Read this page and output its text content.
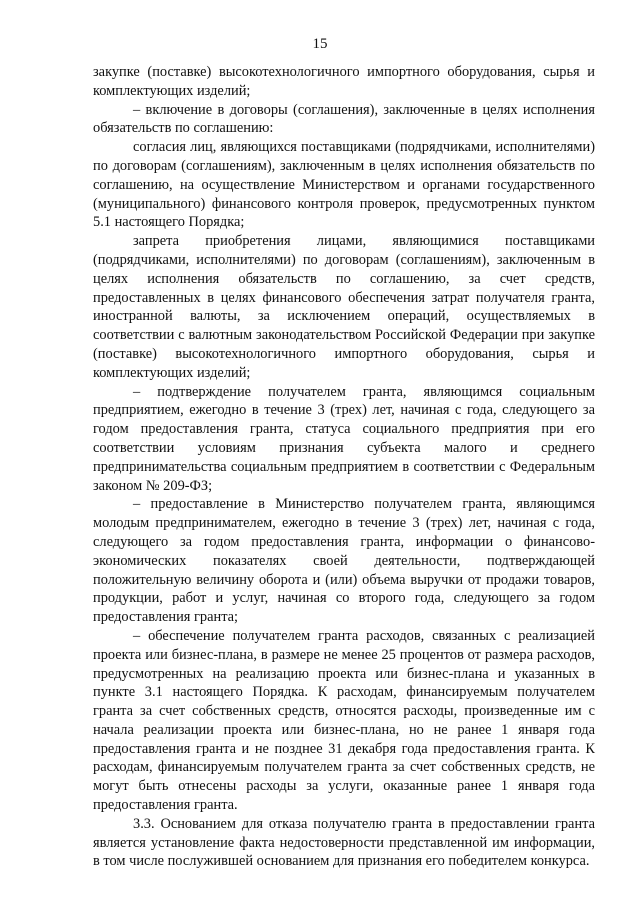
15

закупке (поставке) высокотехнологичного импортного оборудования, сырья и комплектующих изделий;

– включение в договоры (соглашения), заключенные в целях исполнения обязательств по соглашению:

согласия лиц, являющихся поставщиками (подрядчиками, исполнителями) по договорам (соглашениям), заключенным в целях исполнения обязательств по соглашению, на осуществление Министерством и органами государственного (муниципального) финансового контроля проверок, предусмотренных пунктом 5.1 настоящего Порядка;

запрета приобретения лицами, являющимися поставщиками (подрядчиками, исполнителями) по договорам (соглашениям), заключенным в целях исполнения обязательств по соглашению, за счет средств, предоставленных в целях финансового обеспечения затрат получателя гранта, иностранной валюты, за исключением операций, осуществляемых в соответствии с валютным законодательством Российской Федерации при закупке (поставке) высокотехнологичного импортного оборудования, сырья и комплектующих изделий;

– подтверждение получателем гранта, являющимся социальным предприятием, ежегодно в течение 3 (трех) лет, начиная с года, следующего за годом предоставления гранта, статуса социального предприятия при его соответствии условиям признания субъекта малого и среднего предпринимательства социальным предприятием в соответствии с Федеральным законом № 209-ФЗ;

– предоставление в Министерство получателем гранта, являющимся молодым предпринимателем, ежегодно в течение 3 (трех) лет, начиная с года, следующего за годом предоставления гранта, информации о финансово-экономических показателях своей деятельности, подтверждающей положительную величину оборота и (или) объема выручки от продажи товаров, продукции, работ и услуг, начиная со второго года, следующего за годом предоставления гранта;

– обеспечение получателем гранта расходов, связанных с реализацией проекта или бизнес-плана, в размере не менее 25 процентов от размера расходов, предусмотренных на реализацию проекта или бизнес-плана и указанных в пункте 3.1 настоящего Порядка. К расходам, финансируемым получателем гранта за счет собственных средств, относятся расходы, произведенные им с начала реализации проекта или бизнес-плана, но не ранее 1 января года предоставления гранта и не позднее 31 декабря года предоставления гранта. К расходам, финансируемым получателем гранта за счет собственных средств, не могут быть отнесены расходы за услуги, оказанные ранее 1 января года предоставления гранта.

3.3. Основанием для отказа получателю гранта в предоставлении гранта является установление факта недостоверности представленной им информации, в том числе послужившей основанием для признания его победителем конкурса.
